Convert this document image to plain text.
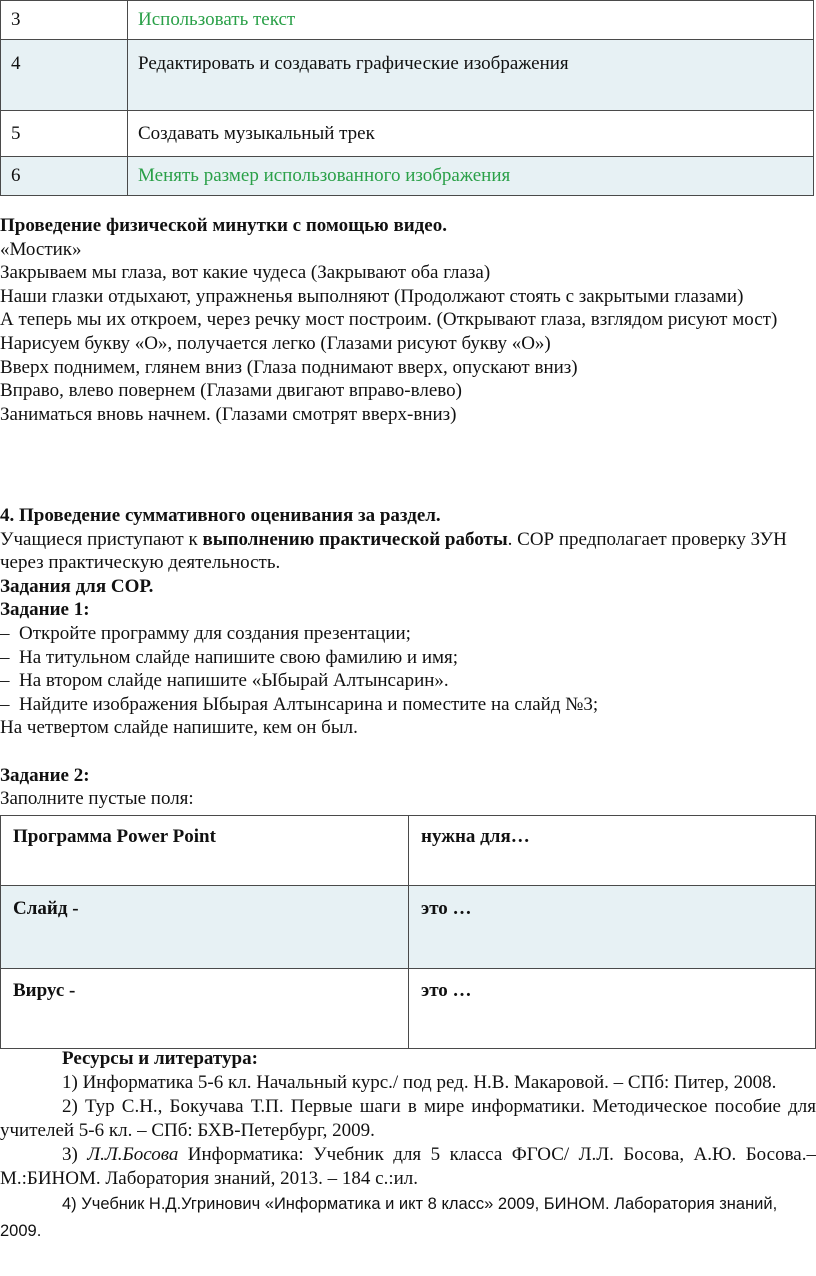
3	Использовать текст
4	Редактировать и создавать графические изображения
5	Создавать музыкальный трек
6	Менять размер использованного изображения

Проведение физической минутки с помощью видео.

«Мостик»

Закрываем мы глаза, вот какие чудеса (Закрывают оба глаза)

Наши глазки отдыхают, упражненья выполняют (Продолжают стоять с закрытыми глазами)

А теперь мы их откроем, через речку мост построим. (Открывают глаза, взглядом рисуют мост)

Нарисуем букву «О», получается легко (Глазами рисуют букву «О»)

Вверх поднимем, глянем вниз (Глаза поднимают вверх, опускают вниз)

Вправо, влево повернем (Глазами двигают вправо-влево)

Заниматься вновь начнем. (Глазами смотрят вверх-вниз)

4. Проведение суммативного оценивания за раздел.

Учащиеся приступают к выполнению практической работы. СОР предполагает проверку ЗУН через практическую деятельность.

Задания для СОР.

Задание 1:

– Откройте программу для создания презентации;

– На титульном слайде напишите свою фамилию и имя;

– На втором слайде напишите «Ыбырай Алтынсарин».

– Найдите изображения Ыбырая Алтынсарина и поместите на слайд №3;

На четвертом слайде напишите, кем он был.

Задание 2:

Заполните пустые поля:

Программа Power Point	нужна для…
Слайд -	это …
Вирус -	это …

Ресурсы и литература:

1) Информатика 5-6 кл. Начальный курс./ под ред. Н.В. Макаровой. – СПб: Питер, 2008.

2) Тур С.Н., Бокучава Т.П. Первые шаги в мире информатики. Методическое пособие для учителей 5-6 кл. – СПб: БХВ-Петербург, 2009.

3) Л.Л.Босова Информатика: Учебник для 5 класса ФГОС/ Л.Л. Босова, А.Ю. Босова.– М.:БИНОМ. Лаборатория знаний, 2013. – 184 с.:ил.

4) Учебник Н.Д.Угринович «Информатика и икт 8 класс» 2009, БИНОМ. Лаборатория знаний, 2009.
